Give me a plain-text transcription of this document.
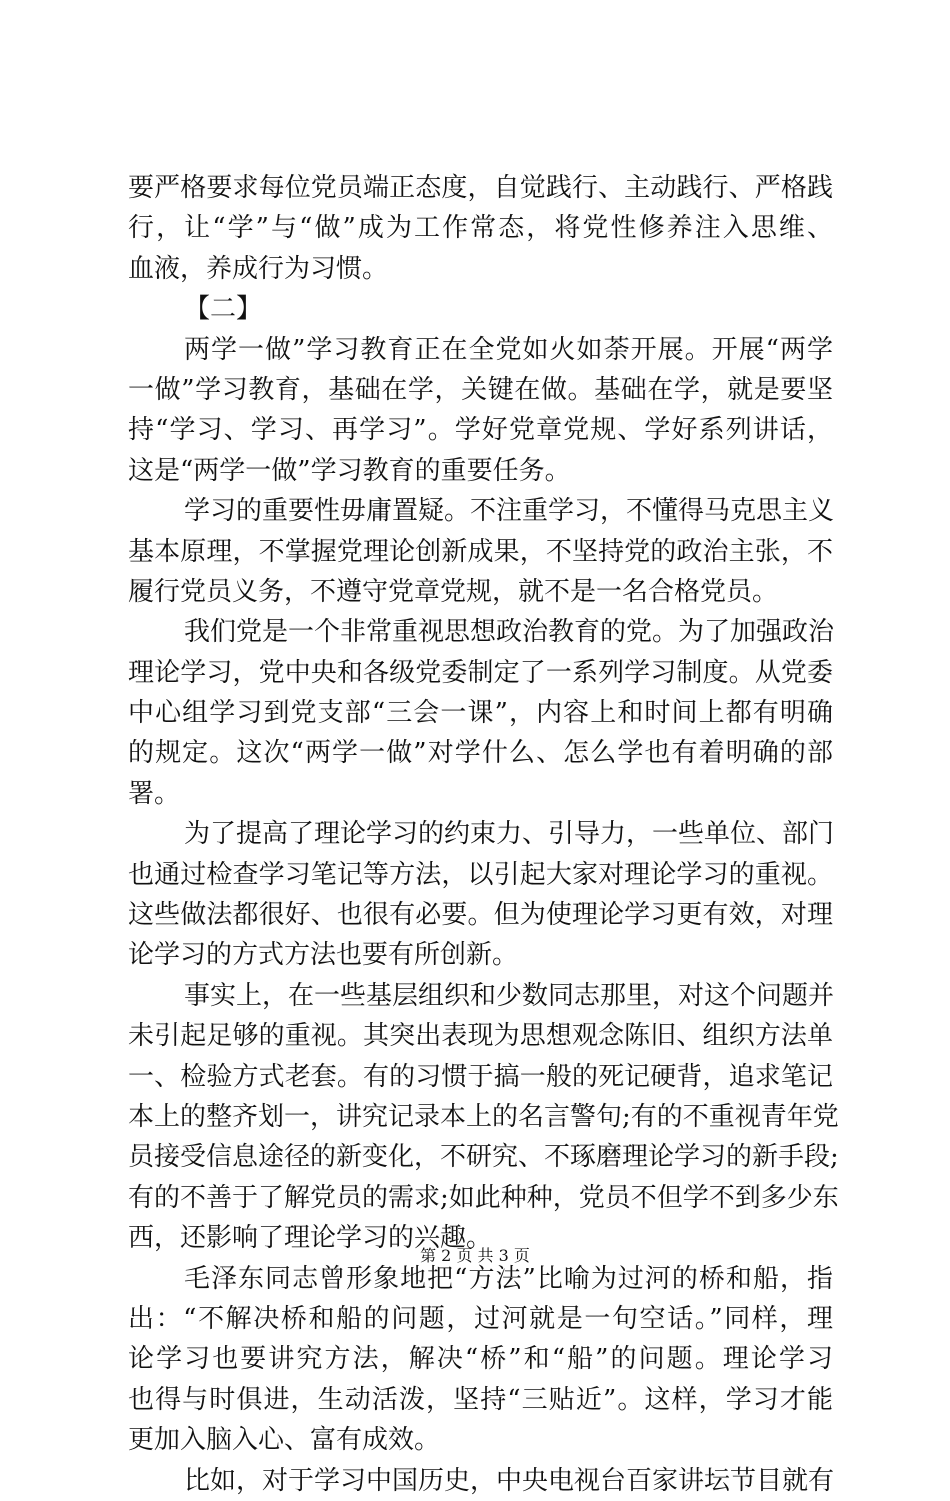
要严格要求每位党员端正态度，自觉践行、主动践行、严格践
行，让“学”与“做”成为工作常态，将党性修养注入思维、
血液，养成行为习惯。
【二】
两学一做”学习教育正在全党如火如荼开展。开展“两学
一做”学习教育，基础在学，关键在做。基础在学，就是要坚
持“学习、学习、再学习”。学好党章党规、学好系列讲话，
这是“两学一做”学习教育的重要任务。
学习的重要性毋庸置疑。不注重学习，不懂得马克思主义
基本原理，不掌握党理论创新成果，不坚持党的政治主张，不
履行党员义务，不遵守党章党规，就不是一名合格党员。
我们党是一个非常重视思想政治教育的党。为了加强政治
理论学习，党中央和各级党委制定了一系列学习制度。从党委
中心组学习到党支部“三会一课”，内容上和时间上都有明确
的规定。这次“两学一做”对学什么、怎么学也有着明确的部
署。
为了提高了理论学习的约束力、引导力，一些单位、部门
也通过检查学习笔记等方法，以引起大家对理论学习的重视。
这些做法都很好、也很有必要。但为使理论学习更有效，对理
论学习的方式方法也要有所创新。
事实上，在一些基层组织和少数同志那里，对这个问题并
未引起足够的重视。其突出表现为思想观念陈旧、组织方法单
一、检验方式老套。有的习惯于搞一般的死记硬背，追求笔记
本上的整齐划一，讲究记录本上的名言警句;有的不重视青年党
员接受信息途径的新变化，不研究、不琢磨理论学习的新手段;
有的不善于了解党员的需求;如此种种，党员不但学不到多少东
西，还影响了理论学习的兴趣。
毛泽东同志曾形象地把“方法”比喻为过河的桥和船，指
出：“不解决桥和船的问题，过河就是一句空话。”同样，理
论学习也要讲究方法，解决“桥”和“船”的问题。理论学习
也得与时俱进，生动活泼，坚持“三贴近”。这样，学习才能
更加入脑入心、富有成效。
比如，对于学习中国历史，中央电视台百家讲坛节目就有
第 2 页 共 3 页
